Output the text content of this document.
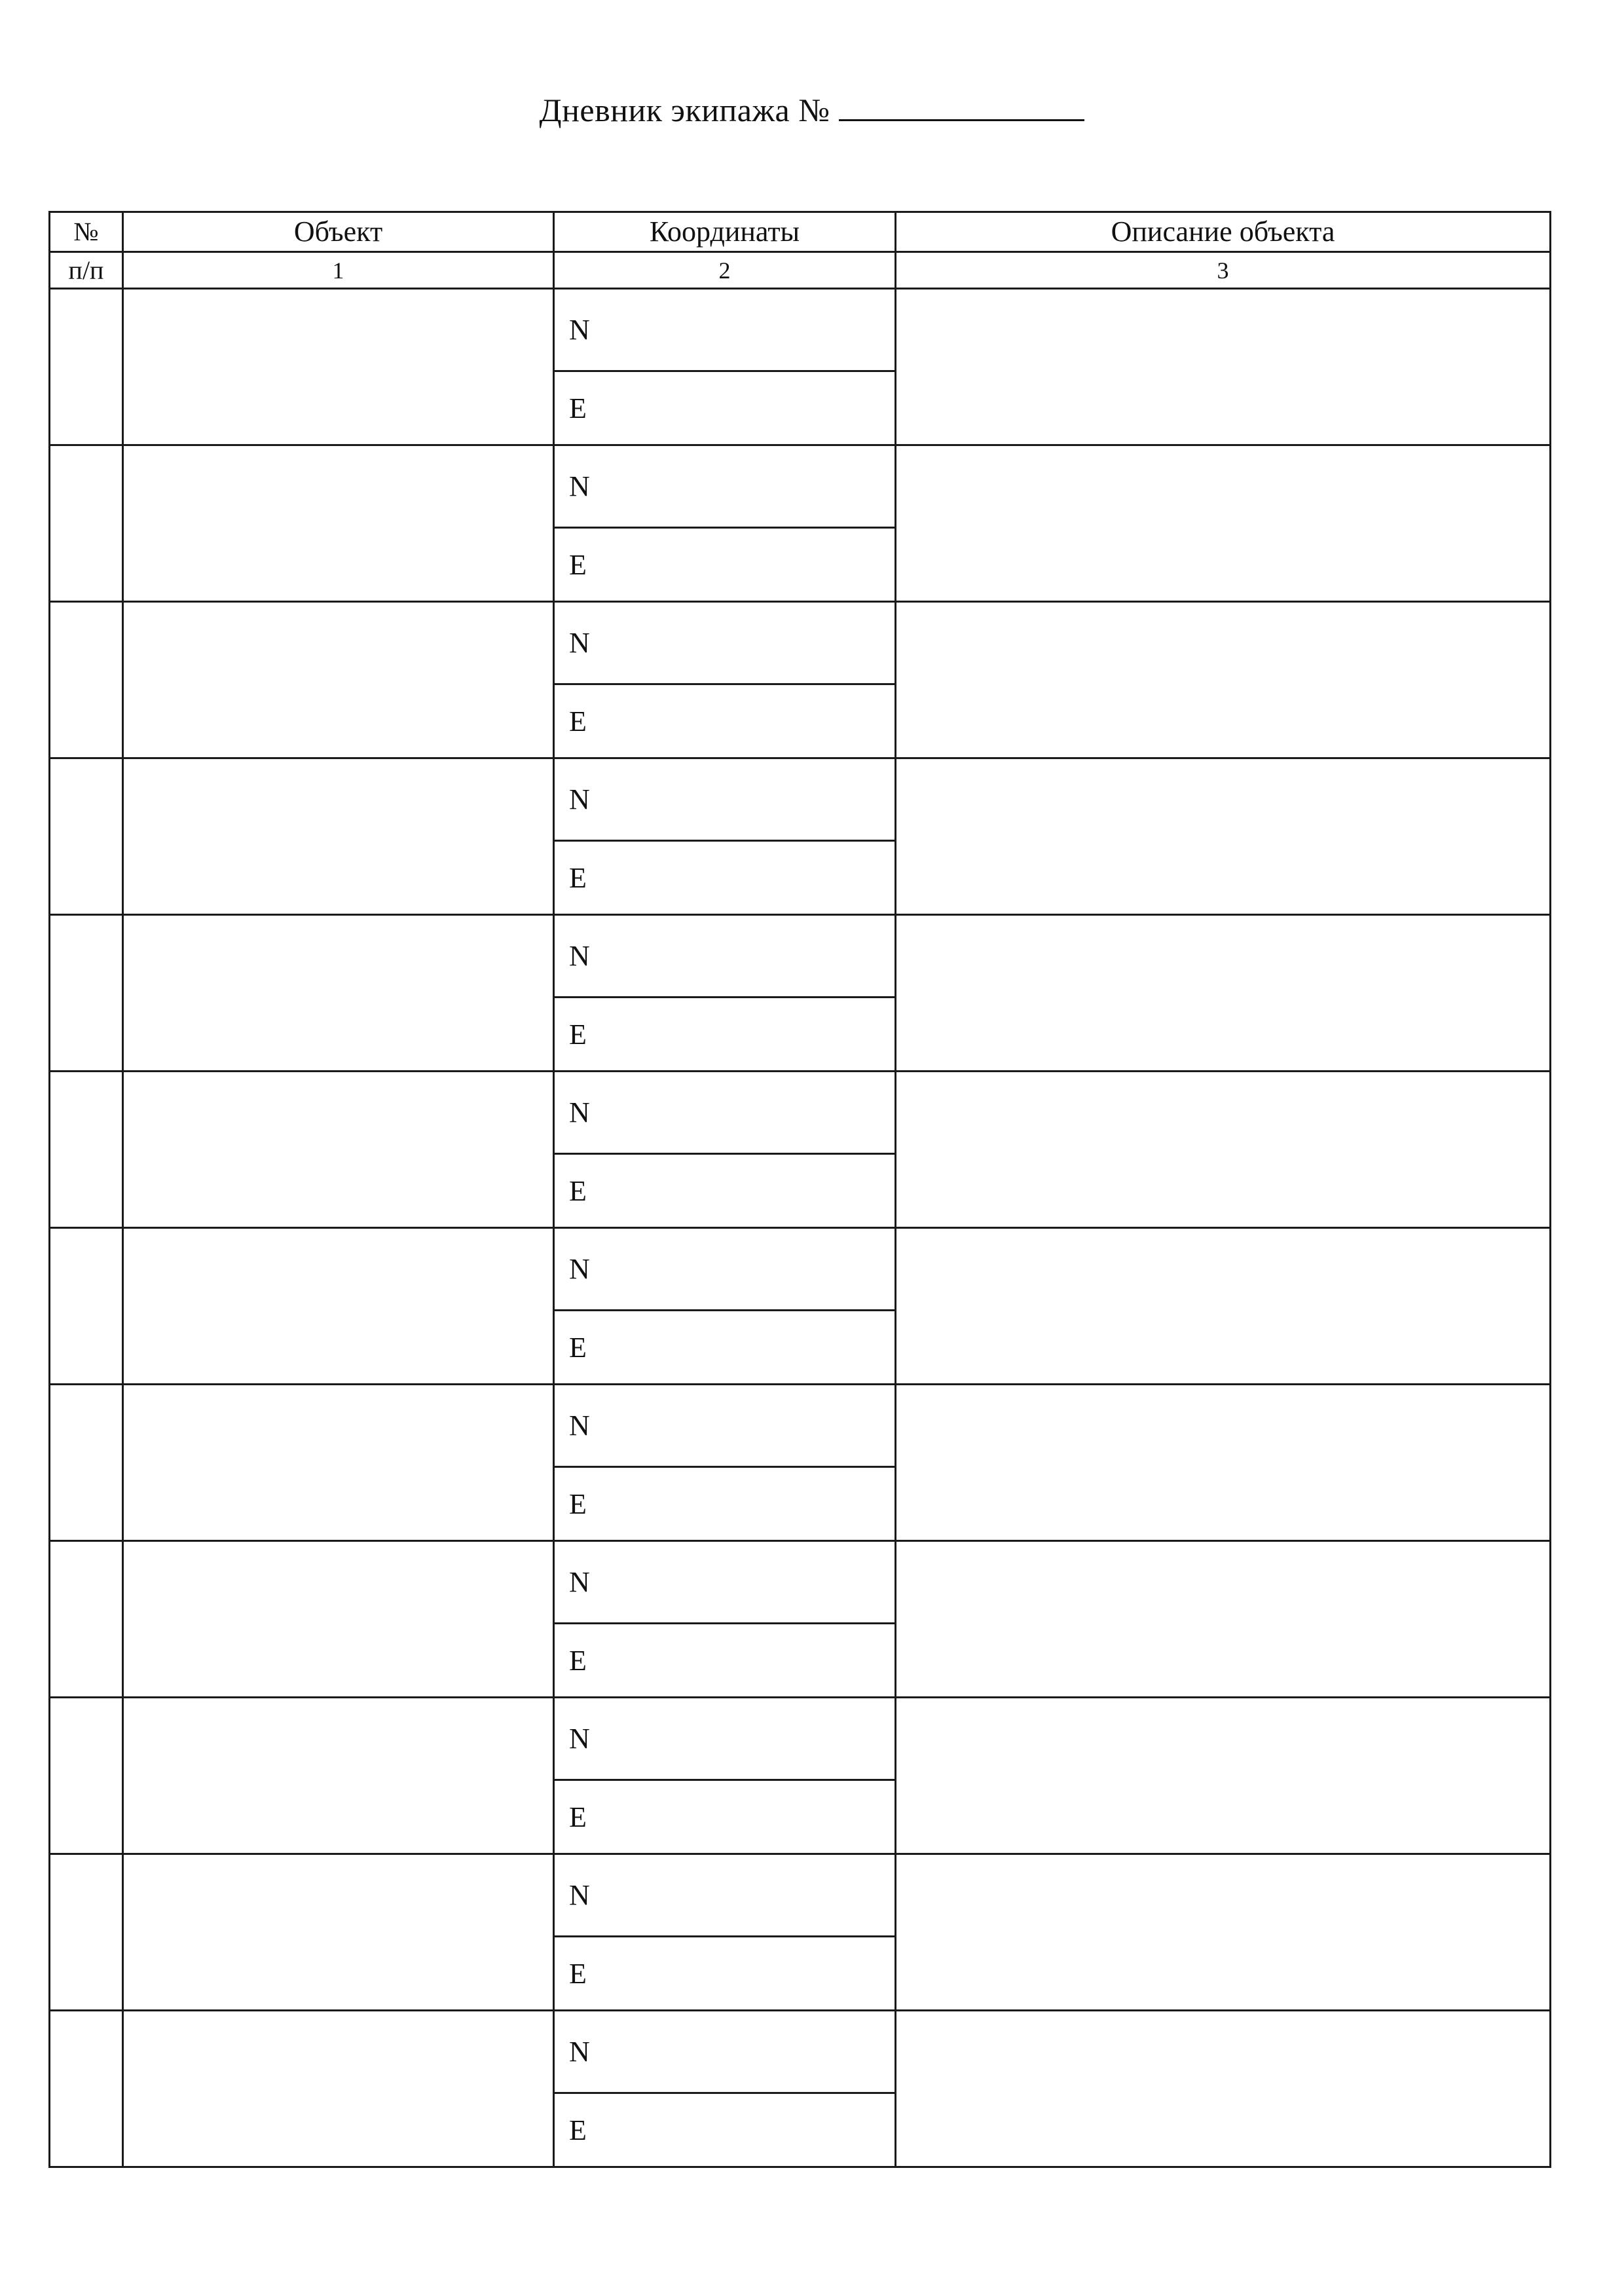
Дневник экипажа №
№	Объект	Координаты	Описание объекта
п/п	1	2	3
		N	
		E	
		N	
		E	
		N	
		E	
		N	
		E	
		N	
		E	
		N	
		E	
		N	
		E	
		N	
		E	
		N	
		E	
		N	
		E	
		N	
		E	
		N	
		E	
